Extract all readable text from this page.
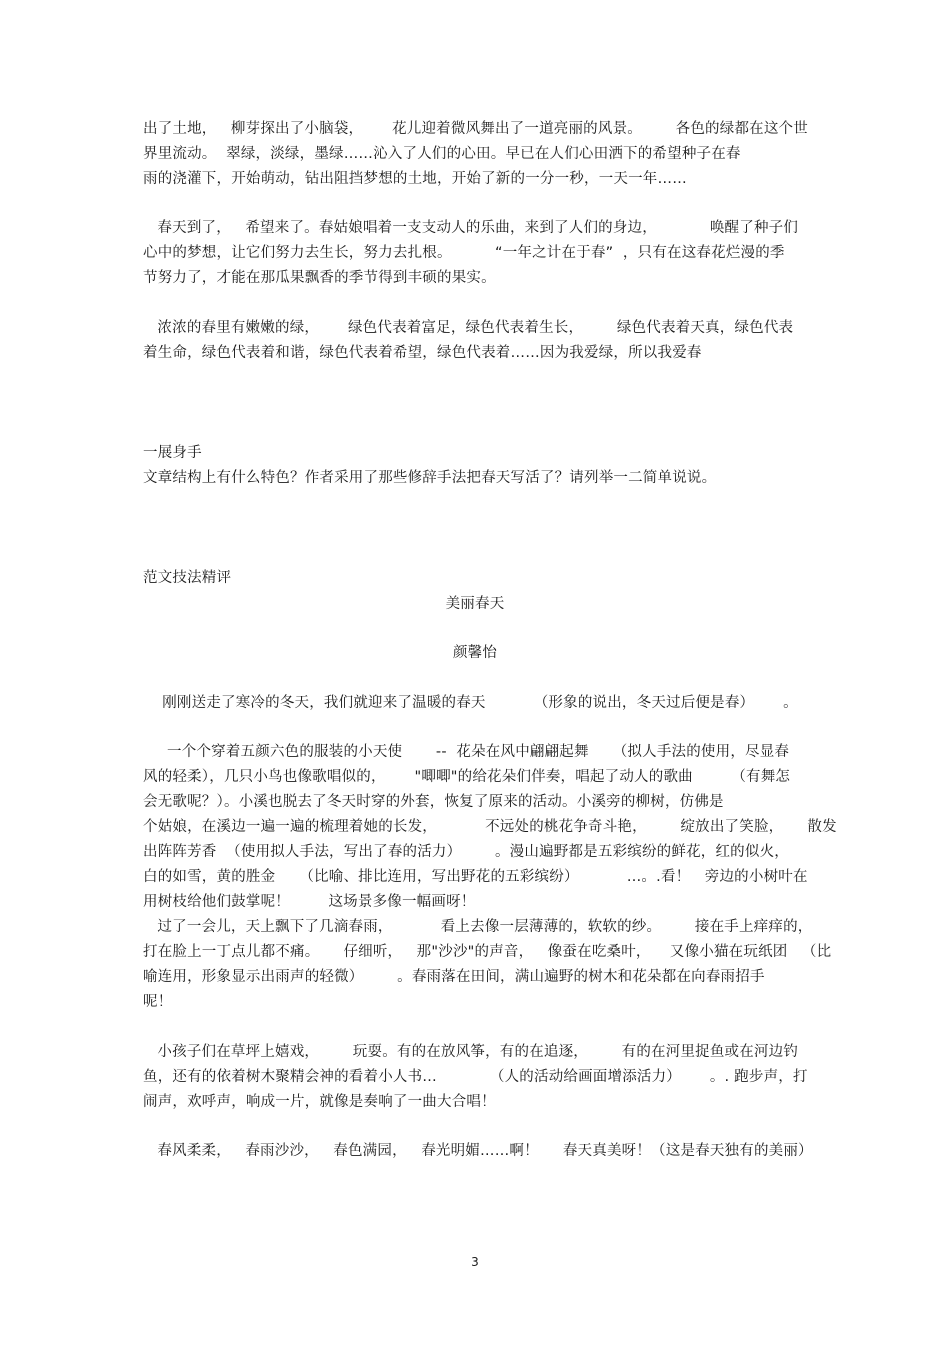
出了土地，   柳芽探出了小脑袋，      花儿迎着微风舞出了一道亮丽的风景。       各色的绿都在这个世

界里流动。  翠绿，淡绿，墨绿……沁入了人们的心田。早已在人们心田洒下的希望种子在春

雨的浇灌下，开始萌动，钻出阻挡梦想的土地，开始了新的一分一秒，一天一年……

春天到了，   希望来了。春姑娘唱着一支支动人的乐曲，来到了人们的身边，           唤醒了种子们

心中的梦想，让它们努力去生长，努力去扎根。         “一年之计在于春”  ，只有在这春花烂漫的季

节努力了，才能在那瓜果飘香的季节得到丰硕的果实。

浓浓的春里有嫩嫩的绿，      绿色代表着富足，绿色代表着生长，       绿色代表着天真，绿色代表

着生命，绿色代表着和谐，绿色代表着希望，绿色代表着……因为我爱绿，所以我爱春

一展身手

文章结构上有什么特色？作者采用了那些修辞手法把春天写活了？请列举一二简单说说。

范文技法精评

美丽春天

颜馨怡

刚刚送走了寒冷的冬天，我们就迎来了温暖的春天          （形象的说出，冬天过后便是春）      。

一个个穿着五颜六色的服装的小天使       --  花朵在风中翩翩起舞     （拟人手法的使用，尽显春

风的轻柔），几只小鸟也像歌唱似的，      "唧唧"的给花朵们伴奏，唱起了动人的歌曲        （有舞怎

会无歌呢？）。小溪也脱去了冬天时穿的外套，恢复了原来的活动。小溪旁的柳树，仿佛是

个姑娘，在溪边一遍一遍的梳理着她的长发，          不远处的桃花争奇斗艳，       绽放出了笑脸，     散发

出阵阵芳香  （使用拟人手法，写出了春的活力）       。漫山遍野都是五彩缤纷的鲜花，红的似火，

白的如雪，黄的胜金     （比喻、排比连用，写出野花的五彩缤纷）          …。.看！   旁边的小树叶在

用树枝给他们鼓掌呢！        这场景多像一幅画呀！

过了一会儿，天上飘下了几滴春雨，          看上去像一层薄薄的，软软的纱。       接在手上痒痒的，

打在脸上一丁点儿都不痛。     仔细听，   那"沙沙"的声音，   像蚕在吃桑叶，    又像小猫在玩纸团   （比

喻连用，形象显示出雨声的轻微）       。春雨落在田间，满山遍野的树木和花朵都在向春雨招手

呢！

小孩子们在草坪上嬉戏，       玩耍。有的在放风筝，有的在追逐，       有的在河里捉鱼或在河边钓

鱼，还有的依着树木聚精会神的看着小人书…           （人的活动给画面增添活力）      。. 跑步声，打

闹声，欢呼声，响成一片，就像是奏响了一曲大合唱！

春风柔柔，   春雨沙沙，   春色满园，   春光明媚……啊！     春天真美呀！（这是春天独有的美丽）

3
